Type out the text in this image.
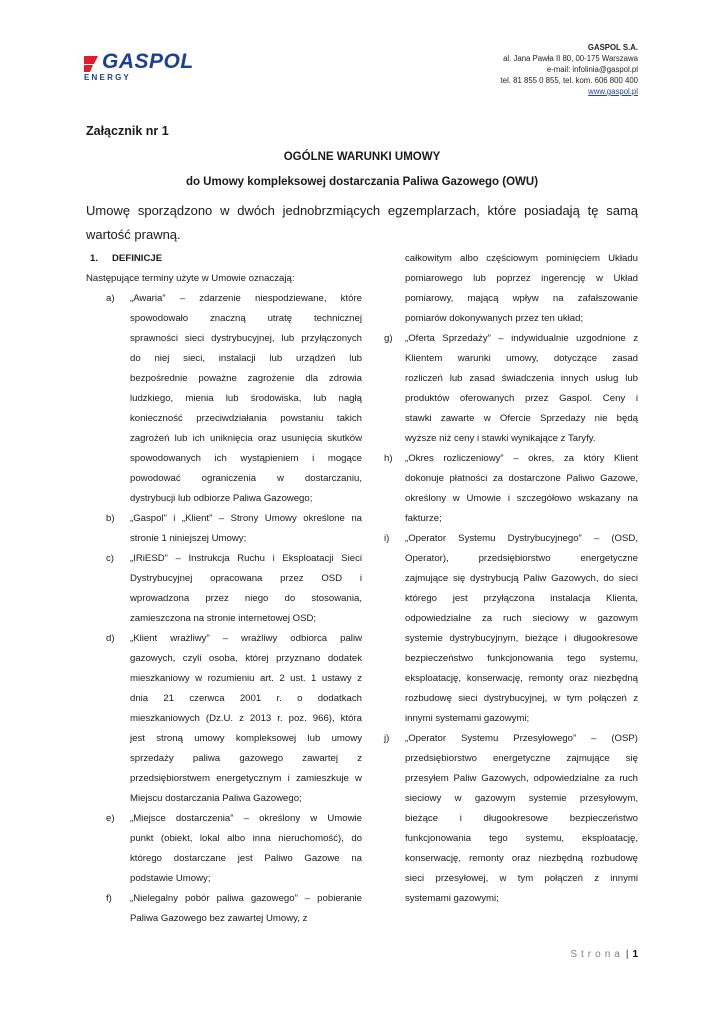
GASPOL
E N E R G Y
GASPOL S.A.
al. Jana Pawła II 80, 00-175 Warszawa
e-mail: infolinia@gaspol.pl
tel. 81 855 0 855, tel. kom. 606 800 400
www.gaspol.pl
Załącznik nr 1
OGÓLNE WARUNKI UMOWY
do Umowy kompleksowej dostarczania Paliwa Gazowego (OWU)
Umowę sporządzono w dwóch jednobrzmiących egzemplarzach, które posiadają tę samą wartość prawną.
1. DEFINICJE
Następujące terminy użyte w Umowie oznaczają:
a) „Awaria” – zdarzenie niespodziewane, które
spowodowało znaczną utratę technicznej
sprawności sieci dystrybucyjnej, lub przyłączonych
do niej sieci, instalacji lub urządzeń lub
bezpośrednie poważne zagrożenie dla zdrowia
ludzkiego, mienia lub środowiska, lub nagłą
konieczność przeciwdziałania powstaniu takich
zagrożeń lub ich uniknięcia oraz usunięcia skutków
spowodowanych ich wystąpieniem i mogące
powodować ograniczenia w dostarczaniu,
dystrybucji lub odbiorze Paliwa Gazowego;
b) „Gaspol” i „Klient” – Strony Umowy określone na
stronie 1 niniejszej Umowy;
c) „IRiESD” – Instrukcja Ruchu i Eksploatacji Sieci
Dystrybucyjnej opracowana przez OSD i
wprowadzona przez niego do stosowania,
zamieszczona na stronie internetowej OSD;
d) „Klient wrażliwy” – wrażliwy odbiorca paliw
gazowych, czyli osoba, której przyznano dodatek
mieszkaniowy w rozumieniu art. 2 ust. 1 ustawy z
dnia 21 czerwca 2001 r. o dodatkach
mieszkaniowych (Dz.U. z 2013 r. poz. 966), która
jest stroną umowy kompleksowej lub umowy
sprzedaży paliwa gazowego zawartej z
przedsiębiorstwem energetycznym i zamieszkuje w
Miejscu dostarczania Paliwa Gazowego;
e) „Miejsce dostarczenia” – określony w Umowie
punkt (obiekt, lokal albo inna nieruchomość), do
którego dostarczane jest Paliwo Gazowe na
podstawie Umowy;
f) „Nielegalny pobór paliwa gazowego” – pobieranie
Paliwa Gazowego bez zawartej Umowy, z
całkowitym albo częściowym pominięciem Układu
pomiarowego lub poprzez ingerencję w Układ
pomiarowy, mającą wpływ na zafałszowanie
pomiarów dokonywanych przez ten układ;
g) „Oferta Sprzedaży” – indywidualnie uzgodnione z
Klientem warunki umowy, dotyczące zasad
rozliczeń lub zasad świadczenia innych usług lub
produktów oferowanych przez Gaspol. Ceny i
stawki zawarte w Ofercie Sprzedaży nie będą
wyższe niż ceny i stawki wynikające z Taryfy.
h) „Okres rozliczeniowy” – okres, za który Klient
dokonuje płatności za dostarczone Paliwo Gazowe,
określony w Umowie i szczegółowo wskazany na
fakturze;
i) „Operator Systemu Dystrybucyjnego” – (OSD,
Operator), przedsiębiorstwo energetyczne
zajmujące się dystrybucją Paliw Gazowych, do sieci
którego jest przyłączona instalacja Klienta,
odpowiedzialne za ruch sieciowy w gazowym
systemie dystrybucyjnym, bieżące i długookresowe
bezpieczeństwo funkcjonowania tego systemu,
eksploatację, konserwację, remonty oraz niezbędną
rozbudowę sieci dystrybucyjnej, w tym połączeń z
innymi systemami gazowymi;
j) „Operator Systemu Przesyłowego” – (OSP)
przedsiębiorstwo energetyczne zajmujące się
przesyłem Paliw Gazowych, odpowiedzialne za ruch
sieciowy w gazowym systemie przesyłowym,
bieżące i długookresowe bezpieczeństwo
funkcjonowania tego systemu, eksploatację,
konserwację, remonty oraz niezbędną rozbudowę
sieci przesyłowej, w tym połączeń z innymi
systemami gazowymi;
Strona | 1
